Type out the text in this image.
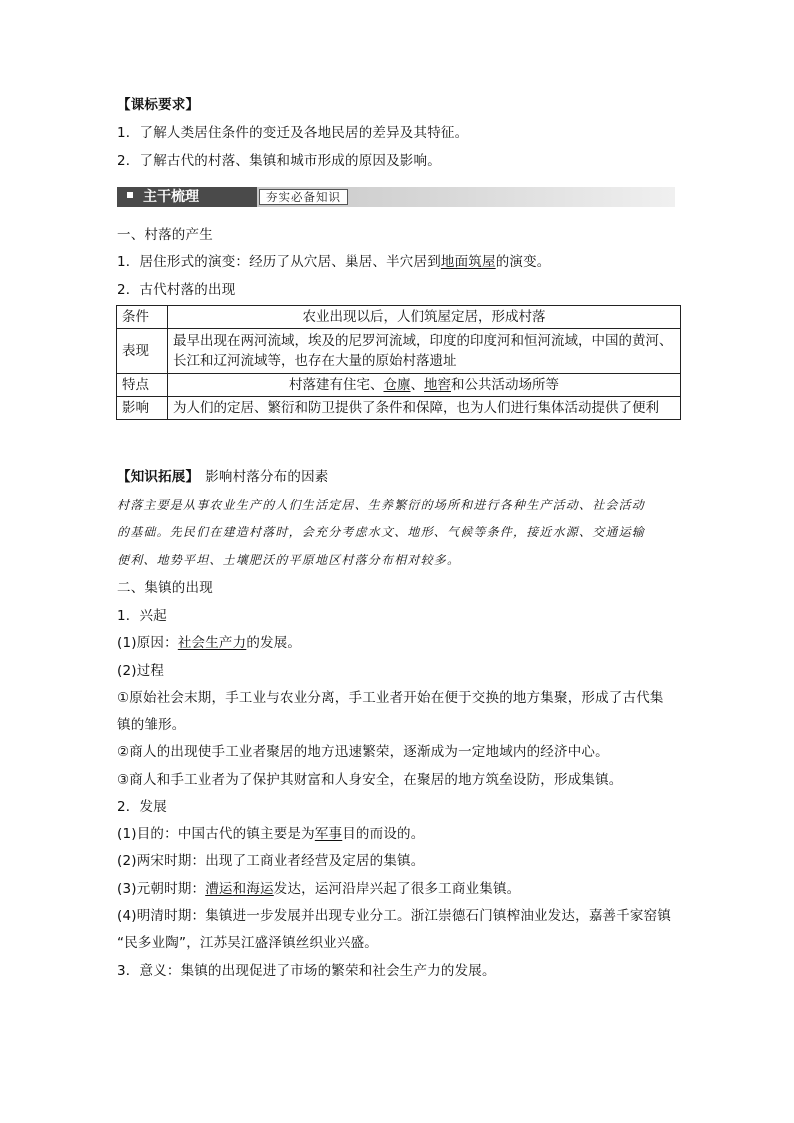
【课标要求】
1．了解人类居住条件的变迁及各地民居的差异及其特征。
2．了解古代的村落、集镇和城市形成的原因及影响。
主干梳理	夯实必备知识
一、村落的产生
1．居住形式的演变：经历了从穴居、巢居、半穴居到地面筑屋的演变。
2．古代村落的出现
条件	农业出现以后，人们筑屋定居，形成村落
表现	最早出现在两河流域，埃及的尼罗河流域，印度的印度河和恒河流域，中国的黄河、长江和辽河流域等，也存在大量的原始村落遗址
特点	村落建有住宅、仓廪、地窖和公共活动场所等
影响	为人们的定居、繁衍和防卫提供了条件和保障，也为人们进行集体活动提供了便利
【知识拓展】 影响村落分布的因素
村落主要是从事农业生产的人们生活定居、生养繁衍的场所和进行各种生产活动、社会活动
的基础。先民们在建造村落时，会充分考虑水文、地形、气候等条件，接近水源、交通运输
便利、地势平坦、土壤肥沃的平原地区村落分布相对较多。
二、集镇的出现
1．兴起
(1)原因：社会生产力的发展。
(2)过程
①原始社会末期，手工业与农业分离，手工业者开始在便于交换的地方集聚，形成了古代集
镇的雏形。
②商人的出现使手工业者聚居的地方迅速繁荣，逐渐成为一定地域内的经济中心。
③商人和手工业者为了保护其财富和人身安全，在聚居的地方筑垒设防，形成集镇。
2．发展
(1)目的：中国古代的镇主要是为军事目的而设的。
(2)两宋时期：出现了工商业者经营及定居的集镇。
(3)元朝时期：漕运和海运发达，运河沿岸兴起了很多工商业集镇。
(4)明清时期：集镇进一步发展并出现专业分工。浙江崇德石门镇榨油业发达，嘉善千家窑镇
“民多业陶”，江苏吴江盛泽镇丝织业兴盛。
3．意义：集镇的出现促进了市场的繁荣和社会生产力的发展。
